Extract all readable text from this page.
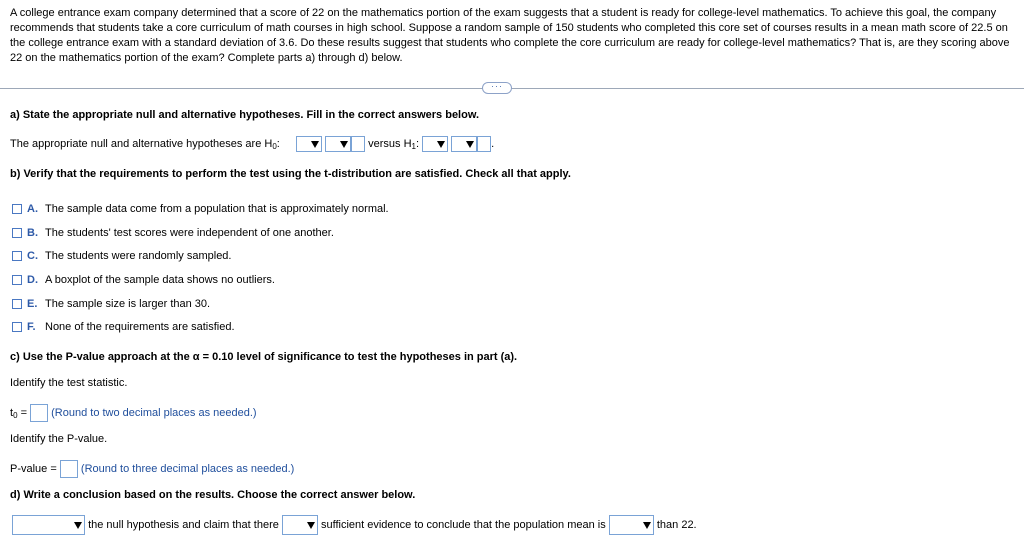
A college entrance exam company determined that a score of 22 on the mathematics portion of the exam suggests that a student is ready for college-level mathematics. To achieve this goal, the company recommends that students take a core curriculum of math courses in high school. Suppose a random sample of 150 students who completed this core set of courses results in a mean math score of 22.5 on the college entrance exam with a standard deviation of 3.6. Do these results suggest that students who complete the core curriculum are ready for college-level mathematics? That is, are they scoring above 22 on the mathematics portion of the exam? Complete parts a) through d) below.
···
a) State the appropriate null and alternative hypotheses. Fill in the correct answers below.
The appropriate null and alternative hypotheses are $H_0$:
	versus $H_1$:
	.
b) Verify that the requirements to perform the test using the t-distribution are satisfied. Check all that apply.
A. The sample data come from a population that is approximately normal.
B. The students' test scores were independent of one another.
C. The students were randomly sampled.
D. A boxplot of the sample data shows no outliers.
E. The sample size is larger than 30.
F. None of the requirements are satisfied.
c) Use the P-value approach at the α = 0.10 level of significance to test the hypotheses in part (a).
Identify the test statistic.
$t_0$ = (Round to two decimal places as needed.)
Identify the P-value.
P-value = (Round to three decimal places as needed.)
d) Write a conclusion based on the results. Choose the correct answer below.
the null hypothesis and claim that there	sufficient evidence to conclude that the population mean is	than 22.
